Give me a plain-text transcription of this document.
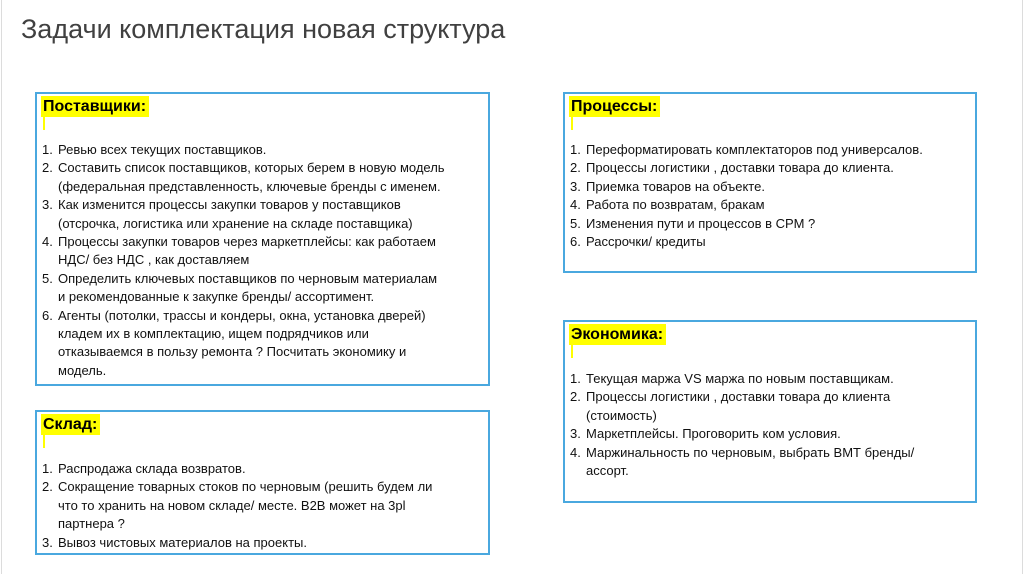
Задачи комплектация новая структура
Поставщики:
1. Ревью всех текущих поставщиков.
2. Составить список поставщиков, которых берем в новую модель
(федеральная представленность, ключевые бренды с именем.
3. Как изменится процессы закупки товаров у поставщиков
(отсрочка, логистика или хранение на складе поставщика)
4. Процессы закупки товаров через маркетплейсы: как работаем
НДС/ без НДС , как доставляем
5. Определить ключевых поставщиков по черновым материалам
и рекомендованные к закупке бренды/ ассортимент.
6. Агенты (потолки, трассы и кондеры, окна, установка дверей)
кладем их в комплектацию, ищем подрядчиков или
отказываемся в пользу ремонта ? Посчитать экономику и
модель.
Склад:
1. Распродажа склада возвратов.
2. Сокращение товарных стоков по черновым (решить будем ли
что то хранить на новом складе/ месте. B2B может на 3pl
партнера ?
3. Вывоз чистовых материалов на проекты.
Процессы:
1. Переформатировать комплектаторов под универсалов.
2. Процессы логистики , доставки товара до клиента.
3. Приемка товаров на объекте.
4. Работа по возвратам, бракам
5. Изменения пути и процессов в СРМ ?
6. Рассрочки/ кредиты
Экономика:
1. Текущая маржа VS маржа по новым поставщикам.
2. Процессы логистики , доставки товара до клиента
(стоимость)
3. Маркетплейсы. Проговорить ком условия.
4. Маржинальность по черновым, выбрать ВМТ бренды/
ассорт.
